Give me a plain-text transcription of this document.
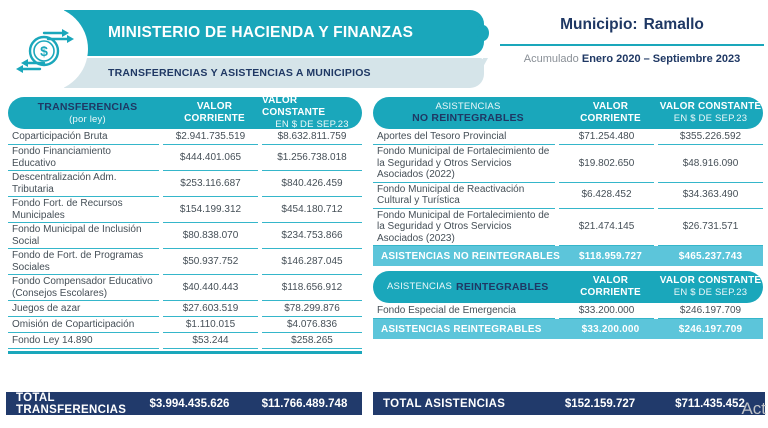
MINISTERIO DE HACIENDA Y FINANZAS
TRANSFERENCIAS Y ASISTENCIAS A MUNICIPIOS
$
Municipio: Ramallo
Acumulado Enero 2020 – Septiembre 2023
TRANSFERENCIAS
(por ley)
VALOR
CORRIENTE
VALOR CONSTANTE
EN $ DE SEP.23
Coparticipación Bruta	$2.941.735.519	$8.632.811.759
Fondo Financiamiento Educativo
$444.401.065	$1.256.738.018
Descentralización Adm. Tributaria
$253.116.687	$840.426.459
Fondo Fort. de Recursos Municipales
$154.199.312	$454.180.712
Fondo Municipal de Inclusión Social
$80.838.070	$234.753.866
Fondo de Fort. de Programas Sociales
$50.937.752	$146.287.045
Fondo Compensador Educativo (Consejos Escolares)
$40.440.443	$118.656.912
Juegos de azar	$27.603.519	$78.299.876
Omisión de Coparticipación	$1.110.015	$4.076.836
Fondo Ley 14.890	$53.244	$258.265
ASISTENCIAS
NO REINTEGRABLES
VALOR
CORRIENTE
VALOR CONSTANTE
EN $ DE SEP.23
Aportes del Tesoro Provincial	$71.254.480	$355.226.592
Fondo Municipal de Fortalecimiento de la Seguridad y Otros Servicios Asociados (2022)
$19.802.650	$48.916.090
Fondo Municipal de Reactivación Cultural y Turística
$6.428.452	$34.363.490
Fondo Municipal de Fortalecimiento de la Seguridad y Otros Servicios Asociados (2023)
$21.474.145	$26.731.571
ASISTENCIAS NO REINTEGRABLES	$118.959.727	$465.237.743
ASISTENCIAS REINTEGRABLES
VALOR
CORRIENTE
VALOR CONSTANTE
EN $ DE SEP.23
Fondo Especial de Emergencia	$33.200.000	$246.197.709
ASISTENCIAS REINTEGRABLES	$33.200.000	$246.197.709
TOTAL TRANSFERENCIAS	$3.994.435.626	$11.766.489.748	TOTAL ASISTENCIAS	$152.159.727	$711.435.452
Act
